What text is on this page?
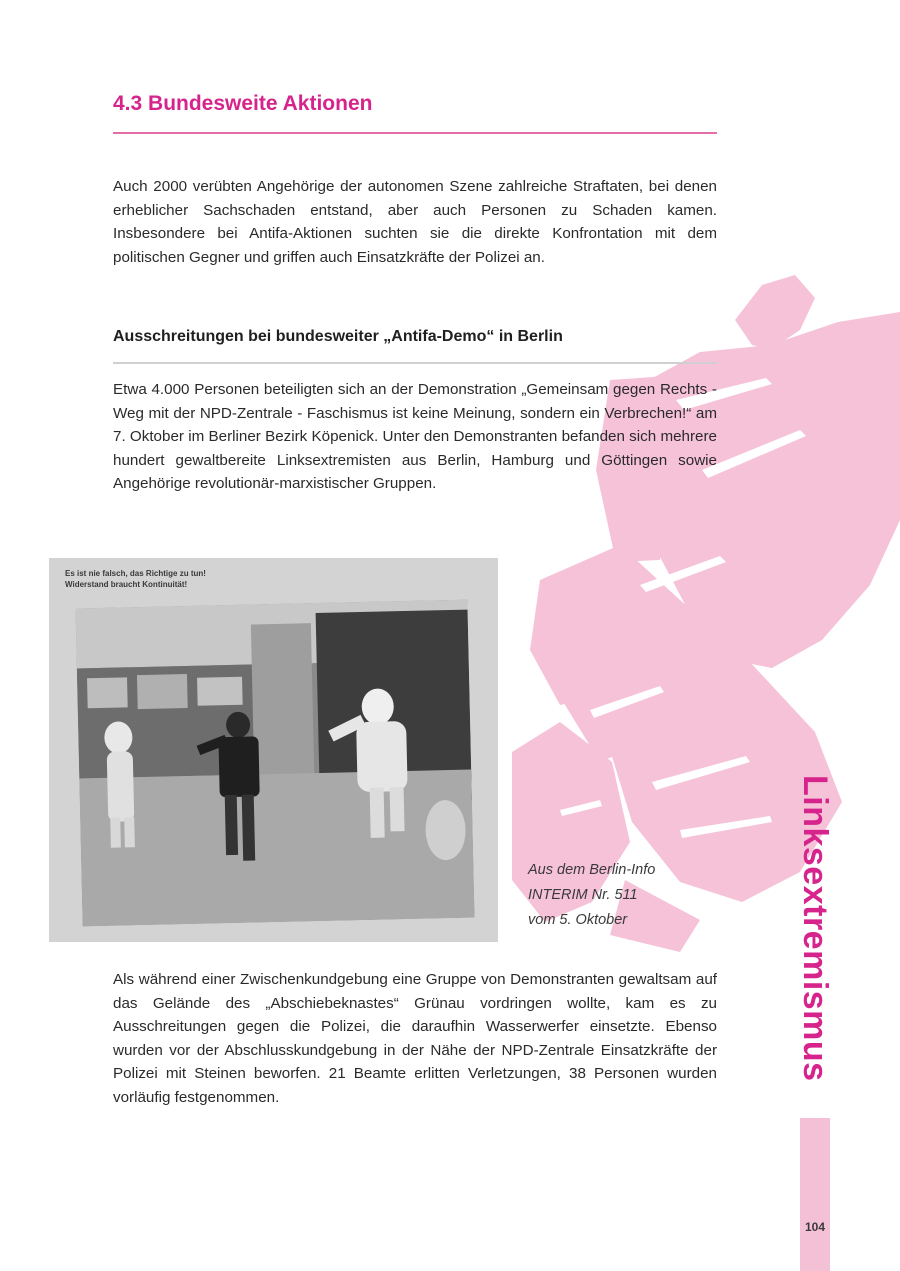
4.3 Bundesweite Aktionen

Auch 2000 verübten Angehörige der autonomen Szene zahlreiche Straftaten, bei denen erheblicher Sachschaden entstand, aber auch Personen zu Schaden kamen. Insbesondere bei Antifa-Aktionen suchten sie die direkte Konfrontation mit dem politischen Gegner und griffen auch Einsatzkräfte der Polizei an.

Ausschreitungen bei bundesweiter „Antifa-Demo“ in Berlin

Etwa 4.000 Personen beteiligten sich an der Demonstration „Gemeinsam gegen Rechts - Weg mit der NPD-Zentrale - Faschismus ist keine Meinung, sondern ein Verbrechen!“ am 7. Oktober im Berliner Bezirk Köpenick. Unter den Demonstranten befanden sich mehrere hundert gewaltbereite Linksextremisten aus Berlin, Hamburg und Göttingen sowie Angehörige revolutionär-marxistischer Gruppen.

Es ist nie falsch, das Richtige zu tun!
Widerstand braucht Kontinuität!

Aus dem Berlin-Info
INTERIM Nr. 511
vom 5. Oktober

Als während einer Zwischenkundgebung eine Gruppe von Demonstranten gewaltsam auf das Gelände des „Abschiebeknastes“ Grünau vordringen wollte, kam es zu Ausschreitungen gegen die Polizei, die daraufhin Wasserwerfer einsetzte. Ebenso wurden vor der Abschlusskundgebung in der Nähe der NPD-Zentrale Einsatzkräfte der Polizei mit Steinen beworfen. 21 Beamte erlitten Verletzungen, 38 Personen wurden vorläufig festgenommen.

Linksextremismus
104
